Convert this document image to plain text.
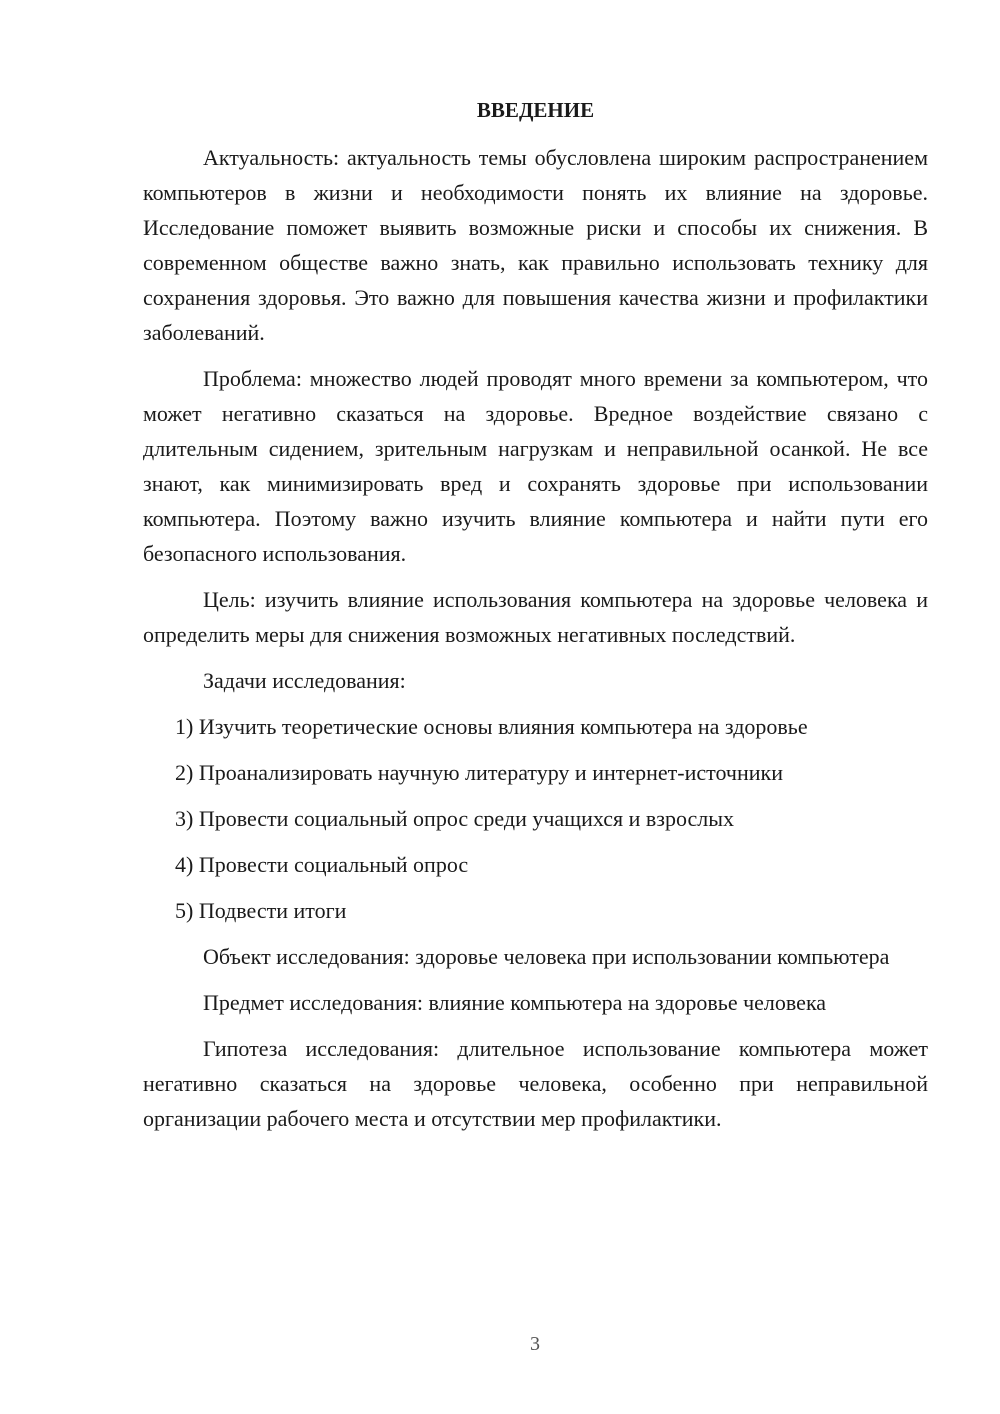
ВВЕДЕНИЕ

Актуальность: актуальность темы обусловлена широким распространением компьютеров в жизни и необходимости понять их влияние на здоровье. Исследование поможет выявить возможные риски и способы их снижения. В современном обществе важно знать, как правильно использовать технику для сохранения здоровья. Это важно для повышения качества жизни и профилактики заболеваний.

Проблема: множество людей проводят много времени за компьютером, что может негативно сказаться на здоровье. Вредное воздействие связано с длительным сидением, зрительным нагрузкам и неправильной осанкой. Не все знают, как минимизировать вред и сохранять здоровье при использовании компьютера. Поэтому важно изучить влияние компьютера и найти пути его безопасного использования.

Цель: изучить влияние использования компьютера на здоровье человека и определить меры для снижения возможных негативных последствий.

Задачи исследования:

1) Изучить теоретические основы влияния компьютера на здоровье
2) Проанализировать научную литературу и интернет-источники
3) Провести социальный опрос среди учащихся и взрослых
4) Провести социальный опрос
5) Подвести итоги

Объект исследования: здоровье человека при использовании компьютера

Предмет исследования: влияние компьютера на здоровье человека

Гипотеза исследования: длительное использование компьютера может негативно сказаться на здоровье человека, особенно при неправильной организации рабочего места и отсутствии мер профилактики.

3
